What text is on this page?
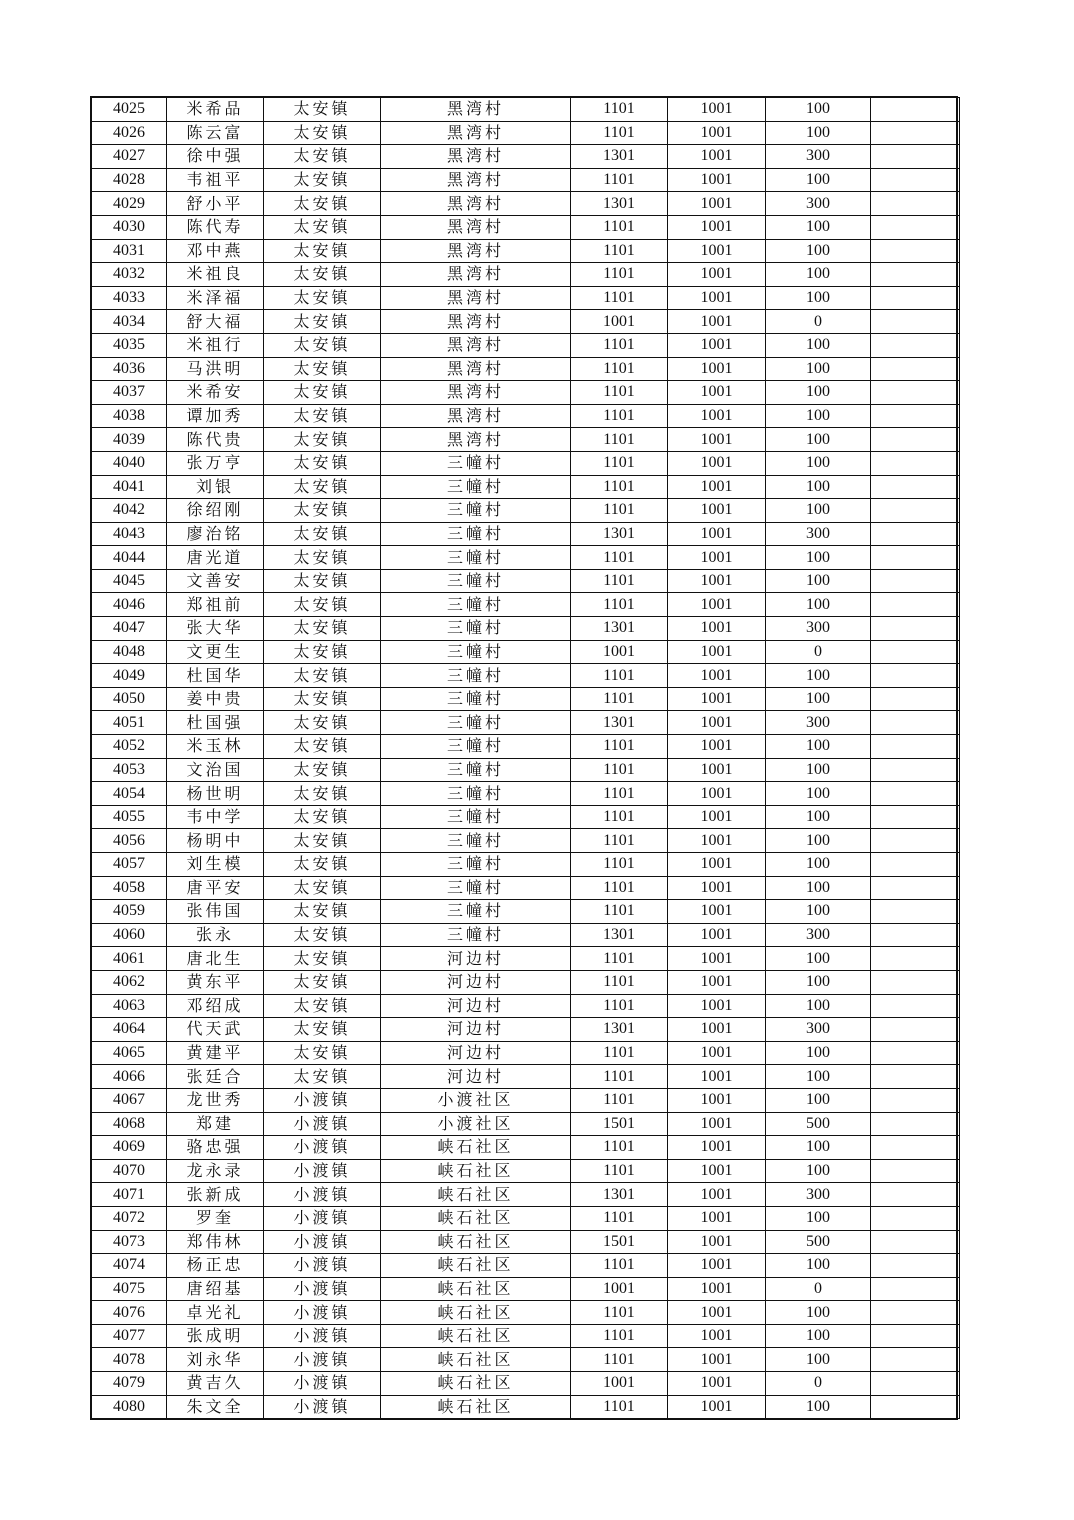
4025	米希品	太安镇	黑湾村	1101	1001	100	
4026	陈云富	太安镇	黑湾村	1101	1001	100	
4027	徐中强	太安镇	黑湾村	1301	1001	300	
4028	韦祖平	太安镇	黑湾村	1101	1001	100	
4029	舒小平	太安镇	黑湾村	1301	1001	300	
4030	陈代寿	太安镇	黑湾村	1101	1001	100	
4031	邓中燕	太安镇	黑湾村	1101	1001	100	
4032	米祖良	太安镇	黑湾村	1101	1001	100	
4033	米泽福	太安镇	黑湾村	1101	1001	100	
4034	舒大福	太安镇	黑湾村	1001	1001	0	
4035	米祖行	太安镇	黑湾村	1101	1001	100	
4036	马洪明	太安镇	黑湾村	1101	1001	100	
4037	米希安	太安镇	黑湾村	1101	1001	100	
4038	谭加秀	太安镇	黑湾村	1101	1001	100	
4039	陈代贵	太安镇	黑湾村	1101	1001	100	
4040	张万亨	太安镇	三幢村	1101	1001	100	
4041	刘银	太安镇	三幢村	1101	1001	100	
4042	徐绍刚	太安镇	三幢村	1101	1001	100	
4043	廖治铭	太安镇	三幢村	1301	1001	300	
4044	唐光道	太安镇	三幢村	1101	1001	100	
4045	文善安	太安镇	三幢村	1101	1001	100	
4046	郑祖前	太安镇	三幢村	1101	1001	100	
4047	张大华	太安镇	三幢村	1301	1001	300	
4048	文更生	太安镇	三幢村	1001	1001	0	
4049	杜国华	太安镇	三幢村	1101	1001	100	
4050	姜中贵	太安镇	三幢村	1101	1001	100	
4051	杜国强	太安镇	三幢村	1301	1001	300	
4052	米玉林	太安镇	三幢村	1101	1001	100	
4053	文治国	太安镇	三幢村	1101	1001	100	
4054	杨世明	太安镇	三幢村	1101	1001	100	
4055	韦中学	太安镇	三幢村	1101	1001	100	
4056	杨明中	太安镇	三幢村	1101	1001	100	
4057	刘生模	太安镇	三幢村	1101	1001	100	
4058	唐平安	太安镇	三幢村	1101	1001	100	
4059	张伟国	太安镇	三幢村	1101	1001	100	
4060	张永	太安镇	三幢村	1301	1001	300	
4061	唐北生	太安镇	河边村	1101	1001	100	
4062	黄东平	太安镇	河边村	1101	1001	100	
4063	邓绍成	太安镇	河边村	1101	1001	100	
4064	代天武	太安镇	河边村	1301	1001	300	
4065	黄建平	太安镇	河边村	1101	1001	100	
4066	张廷合	太安镇	河边村	1101	1001	100	
4067	龙世秀	小渡镇	小渡社区	1101	1001	100	
4068	郑建	小渡镇	小渡社区	1501	1001	500	
4069	骆忠强	小渡镇	峡石社区	1101	1001	100	
4070	龙永录	小渡镇	峡石社区	1101	1001	100	
4071	张新成	小渡镇	峡石社区	1301	1001	300	
4072	罗奎	小渡镇	峡石社区	1101	1001	100	
4073	郑伟林	小渡镇	峡石社区	1501	1001	500	
4074	杨正忠	小渡镇	峡石社区	1101	1001	100	
4075	唐绍基	小渡镇	峡石社区	1001	1001	0	
4076	卓光礼	小渡镇	峡石社区	1101	1001	100	
4077	张成明	小渡镇	峡石社区	1101	1001	100	
4078	刘永华	小渡镇	峡石社区	1101	1001	100	
4079	黄吉久	小渡镇	峡石社区	1001	1001	0	
4080	朱文全	小渡镇	峡石社区	1101	1001	100	
